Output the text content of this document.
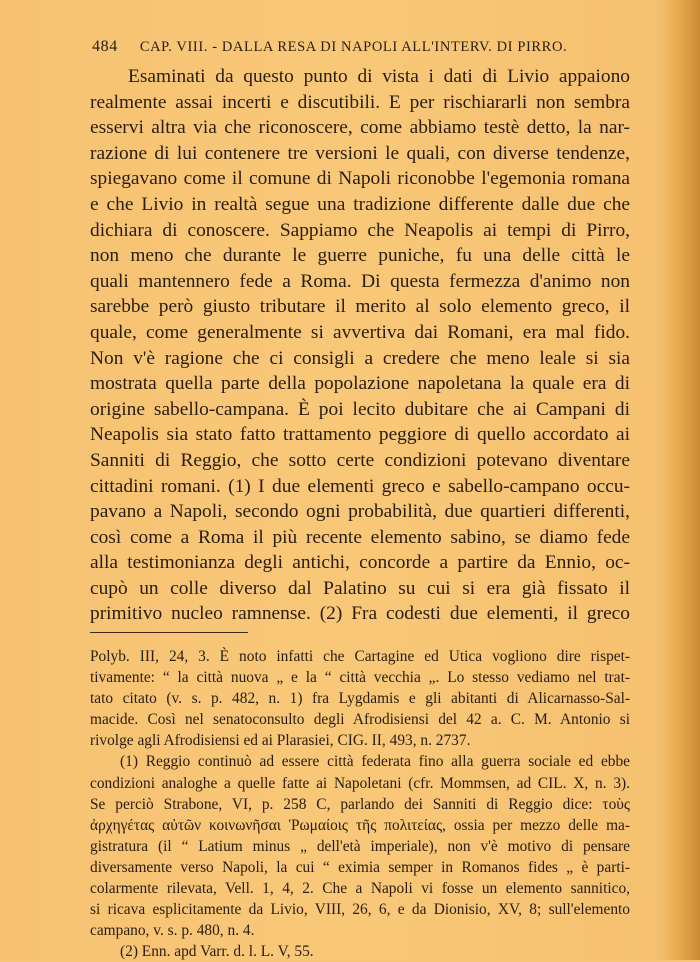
484 CAP. VIII. - DALLA RESA DI NAPOLI ALL'INTERV. DI PIRRO.
Esaminati da questo punto di vista i dati di Livio appaiono
realmente assai incerti e discutibili. E per rischiararli non sembra
esservi altra via che riconoscere, come abbiamo testè detto, la nar-
razione di lui contenere tre versioni le quali, con diverse tendenze,
spiegavano come il comune di Napoli riconobbe l'egemonia romana
e che Livio in realtà segue una tradizione differente dalle due che
dichiara di conoscere. Sappiamo che Neapolis ai tempi di Pirro,
non meno che durante le guerre puniche, fu una delle città le
quali mantennero fede a Roma. Di questa fermezza d'animo non
sarebbe però giusto tributare il merito al solo elemento greco, il
quale, come generalmente si avvertiva dai Romani, era mal fido.
Non v'è ragione che ci consigli a credere che meno leale si sia
mostrata quella parte della popolazione napoletana la quale era di
origine sabello-campana. È poi lecito dubitare che ai Campani di
Neapolis sia stato fatto trattamento peggiore di quello accordato ai
Sanniti di Reggio, che sotto certe condizioni potevano diventare
cittadini romani. (1) I due elementi greco e sabello-campano occu-
pavano a Napoli, secondo ogni probabilità, due quartieri differenti,
così come a Roma il più recente elemento sabino, se diamo fede
alla testimonianza degli antichi, concorde a partire da Ennio, oc-
cupò un colle diverso dal Palatino su cui si era già fissato il
primitivo nucleo ramnense. (2) Fra codesti due elementi, il greco
Polyb. III, 24, 3. È noto infatti che Cartagine ed Utica vogliono dire rispet-
tivamente: “ la città nuova „ e la “ città vecchia „. Lo stesso vediamo nel trat-
tato citato (v. s. p. 482, n. 1) fra Lygdamis e gli abitanti di Alicarnasso-Sal-
macide. Così nel senatoconsulto degli Afrodisiensi del 42 a. C. M. Antonio si
rivolge agli Afrodisiensi ed ai Plarasiei, CIG. II, 493, n. 2737.
(1) Reggio continuò ad essere città federata fino alla guerra sociale ed ebbe
condizioni analoghe a quelle fatte ai Napoletani (cfr. Mommsen, ad CIL. X, n. 3).
Se perciò Strabone, VI, p. 258 C, parlando dei Sanniti di Reggio dice: τοὺς
ἀρχηγέτας αὐτῶν κοινωνῆσαι Ῥωμαίοις τῆς πολιτείας, ossia per mezzo delle ma-
gistratura (il “ Latium minus „ dell'età imperiale), non v'è motivo di pensare
diversamente verso Napoli, la cui “ eximia semper in Romanos fides „ è parti-
colarmente rilevata, Vell. 1, 4, 2. Che a Napoli vi fosse un elemento sannitico,
si ricava esplicitamente da Livio, VIII, 26, 6, e da Dionisio, XV, 8; sull'elemento
campano, v. s. p. 480, n. 4.
(2) Enn. apd Varr. d. l. L. V, 55.
